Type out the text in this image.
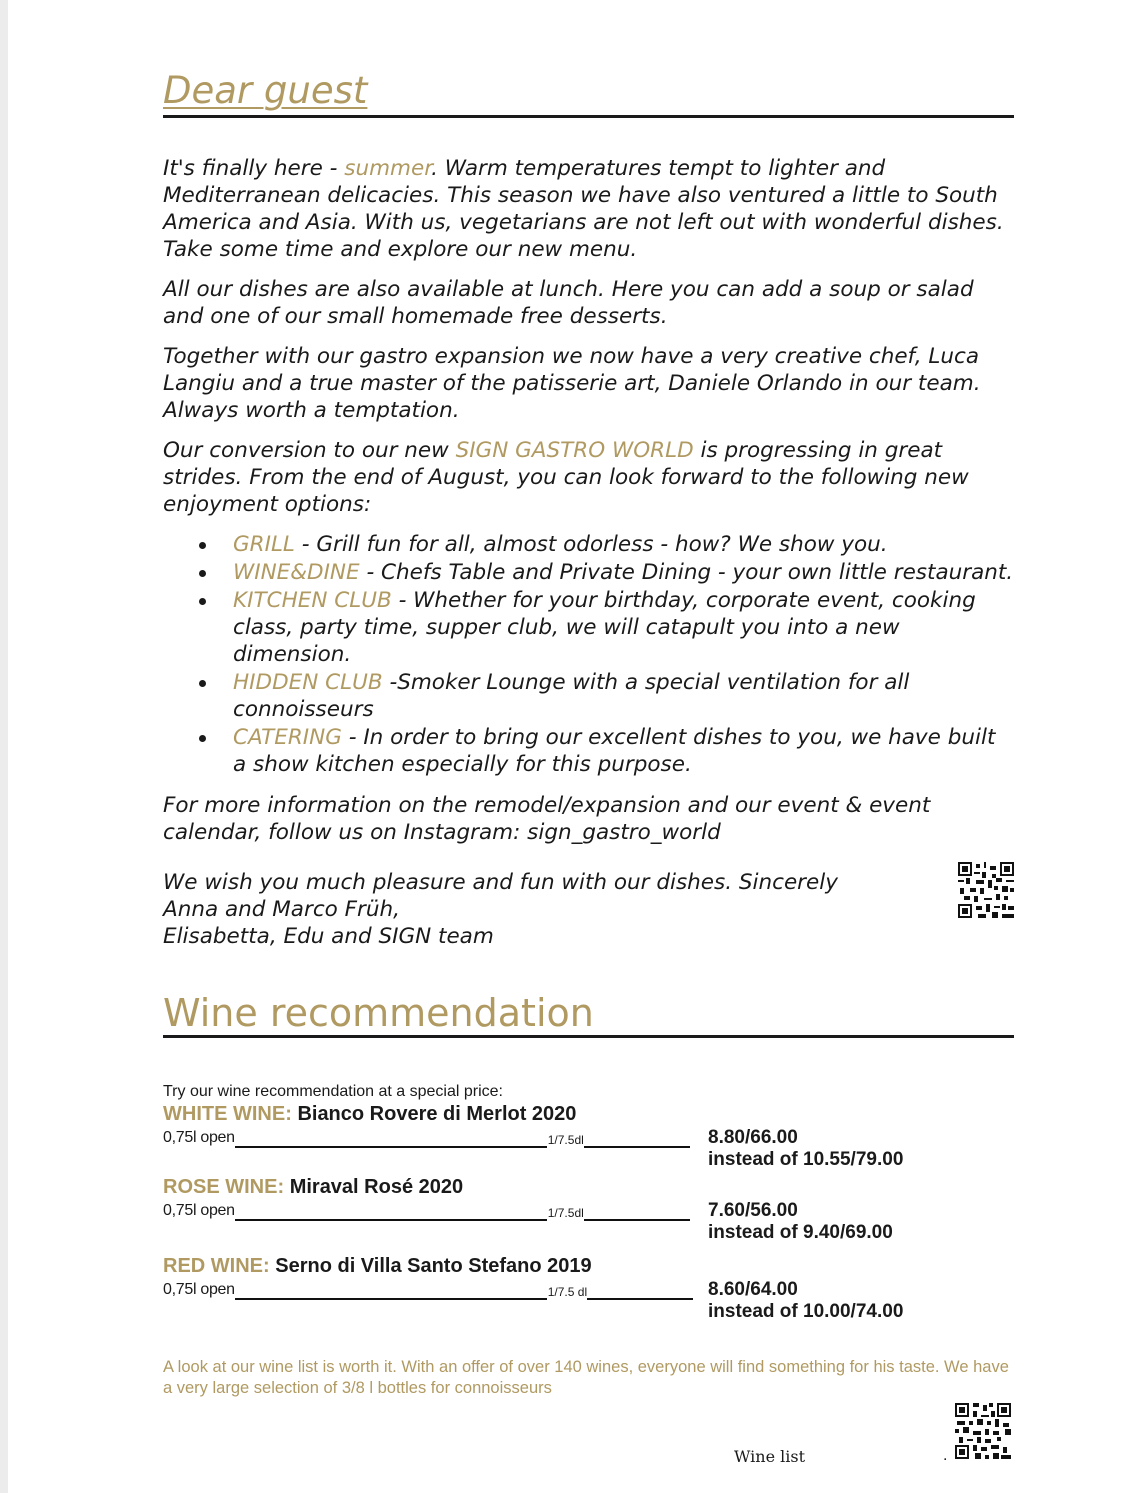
Dear guest

It's finally here - summer. Warm temperatures tempt to lighter and Mediterranean delicacies. This season we have also ventured a little to South America and Asia. With us, vegetarians are not left out with wonderful dishes. Take some time and explore our new menu.

All our dishes are also available at lunch. Here you can add a soup or salad and one of our small homemade free desserts.

Together with our gastro expansion we now have a very creative chef, Luca Langiu and a true master of the patisserie art, Daniele Orlando in our team. Always worth a temptation.

Our conversion to our new SIGN GASTRO WORLD is progressing in great strides. From the end of August, you can look forward to the following new enjoyment options:

GRILL - Grill fun for all, almost odorless - how? We show you.
WINE&DINE - Chefs Table and Private Dining - your own little restaurant.
KITCHEN CLUB - Whether for your birthday, corporate event, cooking class, party time, supper club, we will catapult you into a new dimension.
HIDDEN CLUB -Smoker Lounge with a special ventilation for all connoisseurs
CATERING - In order to bring our excellent dishes to you, we have built a show kitchen especially for this purpose.

For more information on the remodel/expansion and our event & event calendar, follow us on Instagram: sign_gastro_world

We wish you much pleasure and fun with our dishes. Sincerely
Anna and Marco Früh,
Elisabetta, Edu and SIGN team
Wine recommendation
Try our wine recommendation at a special price:
WHITE WINE: Bianco Rovere di Merlot 2020
0,75l open	1/7.5dl	8.80/66.00
instead of 10.55/79.00
ROSE WINE: Miraval Rosé 2020
0,75l open	1/7.5dl	7.60/56.00
instead of 9.40/69.00
RED WINE: Serno di Villa Santo Stefano 2019
0,75l open	1/7.5 dl	8.60/64.00
instead of 10.00/74.00
A look at our wine list is worth it. With an offer of over 140 wines, everyone will find something for his taste. We have a very large selection of 3/8 l bottles for connoisseurs
Wine list	.
